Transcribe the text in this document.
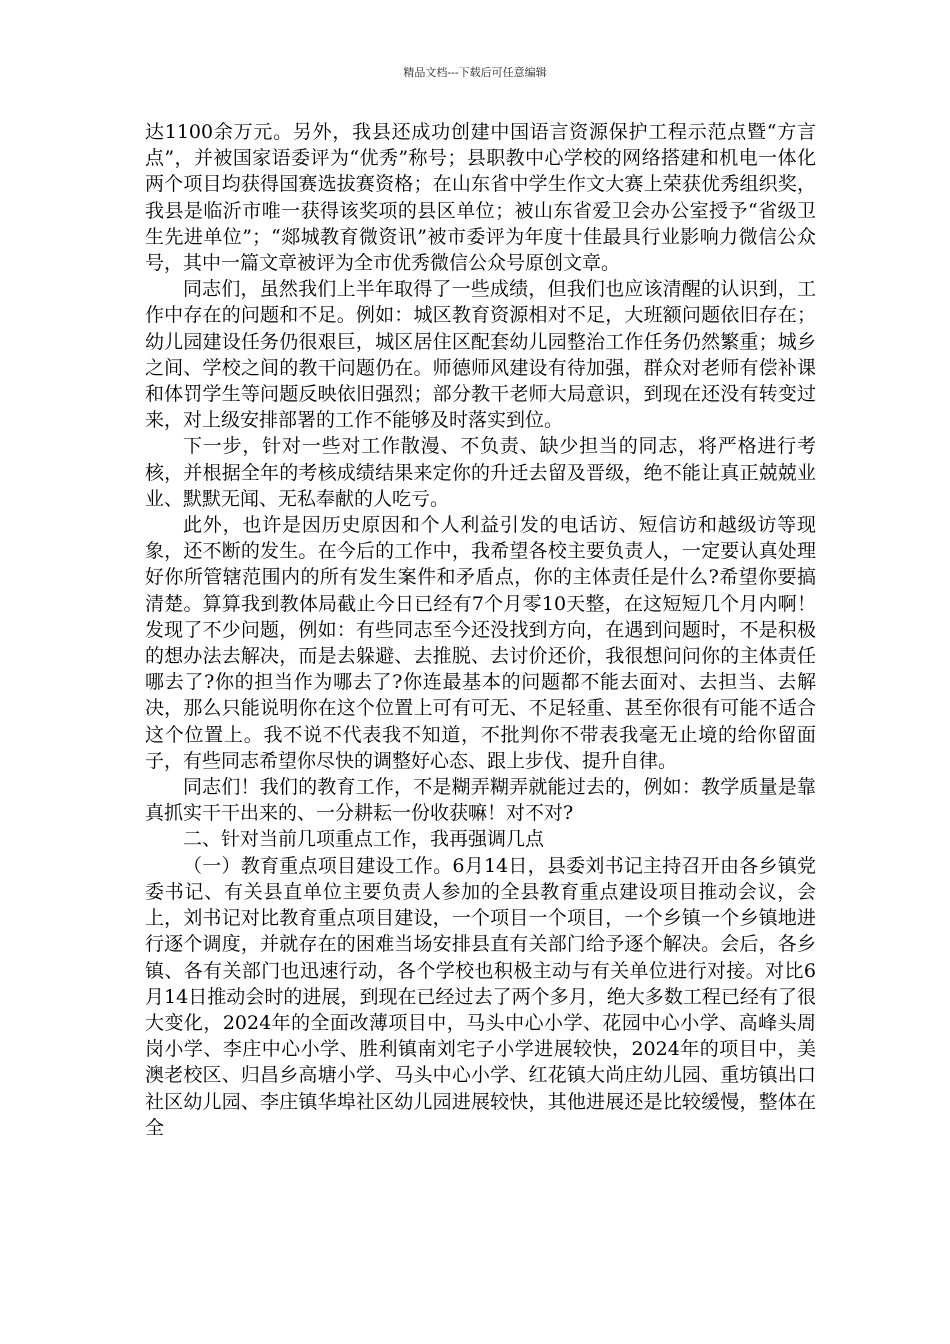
精品文档---下载后可任意编辑

达1100余万元。另外，我县还成功创建中国语言资源保护工程示范点暨“方言点”，并被国家语委评为“优秀”称号；县职教中心学校的网络搭建和机电一体化两个项目均获得国赛选拔赛资格；在山东省中学生作文大赛上荣获优秀组织奖，我县是临沂市唯一获得该奖项的县区单位；被山东省爱卫会办公室授予“省级卫生先进单位”；“郯城教育微资讯”被市委评为年度十佳最具行业影响力微信公众号，其中一篇文章被评为全市优秀微信公众号原创文章。

同志们，虽然我们上半年取得了一些成绩，但我们也应该清醒的认识到，工作中存在的问题和不足。例如：城区教育资源相对不足，大班额问题依旧存在；幼儿园建设任务仍很艰巨，城区居住区配套幼儿园整治工作任务仍然繁重；城乡之间、学校之间的教干问题仍在。师德师风建设有待加强，群众对老师有偿补课和体罚学生等问题反映依旧强烈；部分教干老师大局意识，到现在还没有转变过来，对上级安排部署的工作不能够及时落实到位。

下一步，针对一些对工作散漫、不负责、缺少担当的同志，将严格进行考核，并根据全年的考核成绩结果来定你的升迁去留及晋级，绝不能让真正兢兢业业、默默无闻、无私奉献的人吃亏。

此外，也许是因历史原因和个人利益引发的电话访、短信访和越级访等现象，还不断的发生。在今后的工作中，我希望各校主要负责人，一定要认真处理好你所管辖范围内的所有发生案件和矛盾点，你的主体责任是什么?希望你要搞清楚。算算我到教体局截止今日已经有7个月零10天整，在这短短几个月内啊！发现了不少问题，例如：有些同志至今还没找到方向，在遇到问题时，不是积极的想办法去解决，而是去躲避、去推脱、去讨价还价，我很想问问你的主体责任哪去了?你的担当作为哪去了?你连最基本的问题都不能去面对、去担当、去解决，那么只能说明你在这个位置上可有可无、不足轻重、甚至你很有可能不适合这个位置上。我不说不代表我不知道，不批判你不带表我毫无止境的给你留面子，有些同志希望你尽快的调整好心态、跟上步伐、提升自律。

同志们！我们的教育工作，不是糊弄糊弄就能过去的，例如：教学质量是靠真抓实干干出来的、一分耕耘一份收获嘛！对不对?

二、针对当前几项重点工作，我再强调几点

（一）教育重点项目建设工作。6月14日，县委刘书记主持召开由各乡镇党委书记、有关县直单位主要负责人参加的全县教育重点建设项目推动会议，会上，刘书记对比教育重点项目建设，一个项目一个项目，一个乡镇一个乡镇地进行逐个调度，并就存在的困难当场安排县直有关部门给予逐个解决。会后，各乡镇、各有关部门也迅速行动，各个学校也积极主动与有关单位进行对接。对比6月14日推动会时的进展，到现在已经过去了两个多月，绝大多数工程已经有了很大变化，2024年的全面改薄项目中，马头中心小学、花园中心小学、高峰头周岗小学、李庄中心小学、胜利镇南刘宅子小学进展较快，2024年的项目中，美澳老校区、归昌乡高塘小学、马头中心小学、红花镇大尚庄幼儿园、重坊镇出口社区幼儿园、李庄镇华埠社区幼儿园进展较快，其他进展还是比较缓慢，整体在全
